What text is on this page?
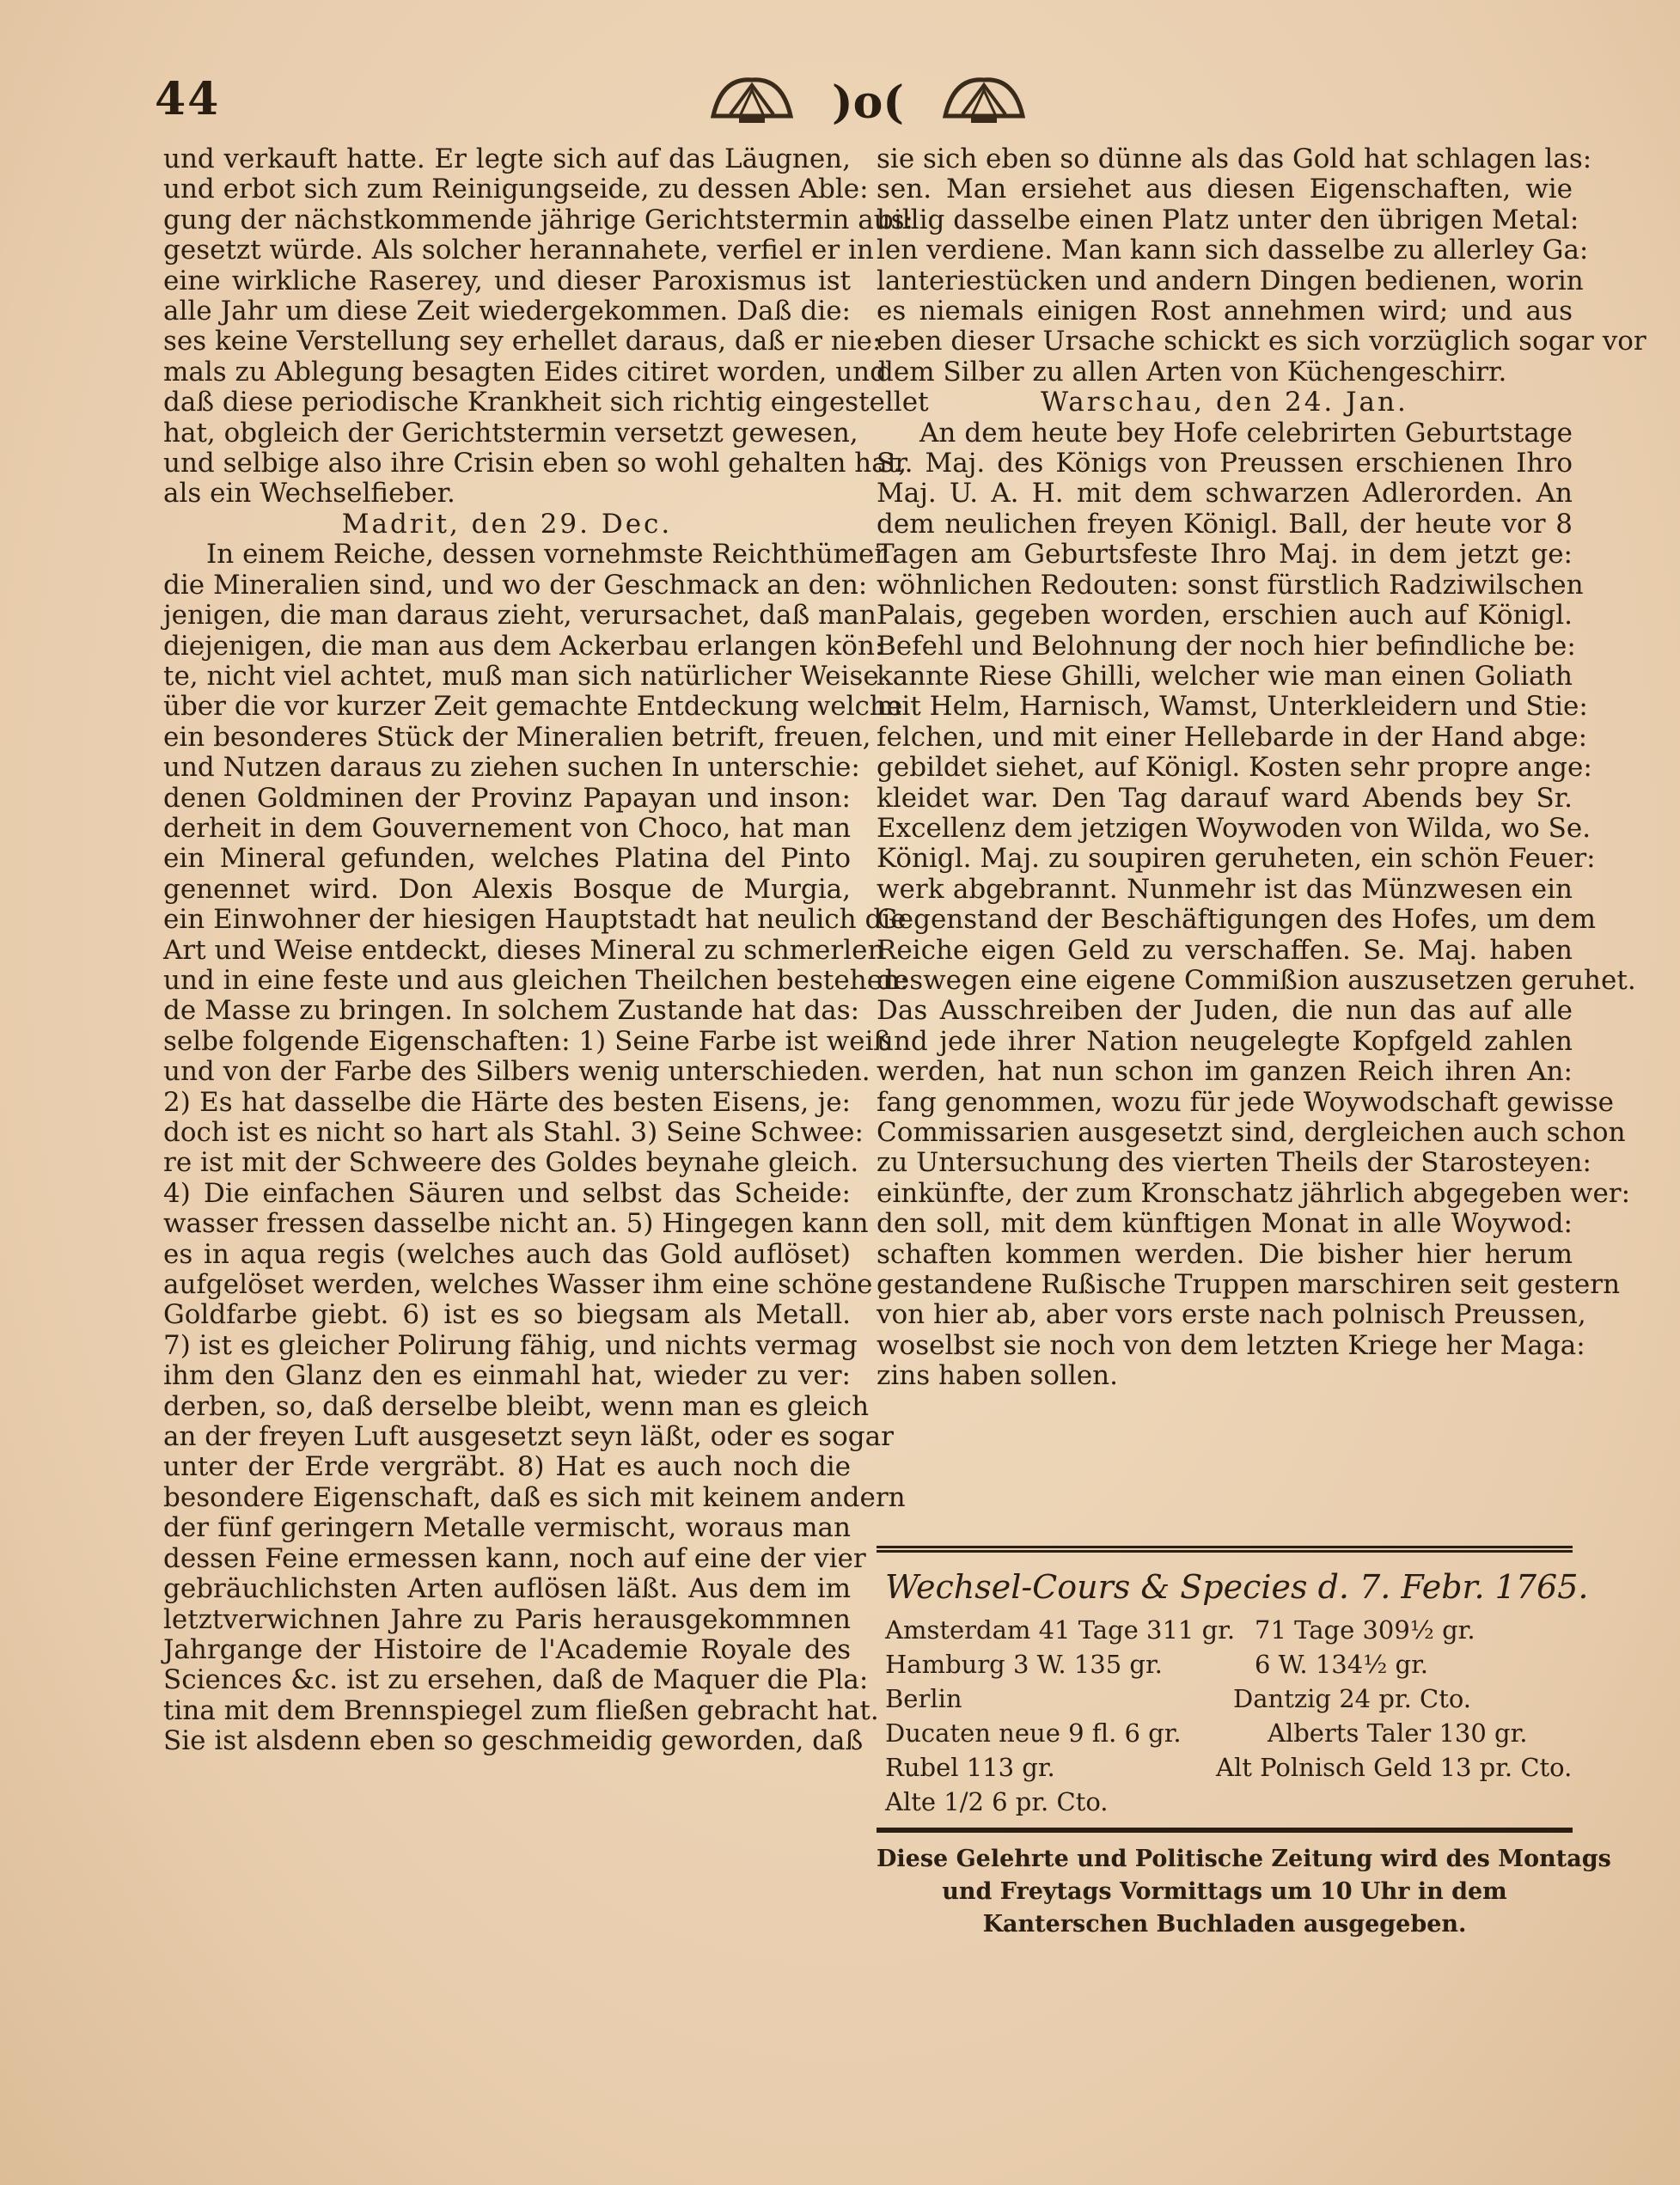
44	)o(
und verkauft hatte. Er legte sich auf das Läugnen,
und erbot sich zum Reinigungseide, zu dessen Able:
gung der nächstkommende jährige Gerichtstermin aus:
gesetzt würde. Als solcher herannahete, verfiel er in
eine wirkliche Raserey, und dieser Paroxismus ist
alle Jahr um diese Zeit wiedergekommen. Daß die:
ses keine Verstellung sey erhellet daraus, daß er nie:
mals zu Ablegung besagten Eides citiret worden, und
daß diese periodische Krankheit sich richtig eingestellet
hat, obgleich der Gerichtstermin versetzt gewesen,
und selbige also ihre Crisin eben so wohl gehalten hat,
als ein Wechselfieber.
Madrit, den 29. Dec.
In einem Reiche, dessen vornehmste Reichthümer
die Mineralien sind, und wo der Geschmack an den:
jenigen, die man daraus zieht, verursachet, daß man
diejenigen, die man aus dem Ackerbau erlangen kön:
te, nicht viel achtet, muß man sich natürlicher Weise
über die vor kurzer Zeit gemachte Entdeckung welche
ein besonderes Stück der Mineralien betrift, freuen,
und Nutzen daraus zu ziehen suchen In unterschie:
denen Goldminen der Provinz Papayan und inson:
derheit in dem Gouvernement von Choco, hat man
ein Mineral gefunden, welches Platina del Pinto
genennet wird. Don Alexis Bosque de Murgia,
ein Einwohner der hiesigen Hauptstadt hat neulich die
Art und Weise entdeckt, dieses Mineral zu schmerlen
und in eine feste und aus gleichen Theilchen bestehen:
de Masse zu bringen. In solchem Zustande hat das:
selbe folgende Eigenschaften: 1) Seine Farbe ist weiß
und von der Farbe des Silbers wenig unterschieden.
2) Es hat dasselbe die Härte des besten Eisens, je:
doch ist es nicht so hart als Stahl. 3) Seine Schwee:
re ist mit der Schweere des Goldes beynahe gleich.
4) Die einfachen Säuren und selbst das Scheide:
wasser fressen dasselbe nicht an. 5) Hingegen kann
es in aqua regis (welches auch das Gold auflöset)
aufgelöset werden, welches Wasser ihm eine schöne
Goldfarbe giebt. 6) ist es so biegsam als Metall.
7) ist es gleicher Polirung fähig, und nichts vermag
ihm den Glanz den es einmahl hat, wieder zu ver:
derben, so, daß derselbe bleibt, wenn man es gleich
an der freyen Luft ausgesetzt seyn läßt, oder es sogar
unter der Erde vergräbt. 8) Hat es auch noch die
besondere Eigenschaft, daß es sich mit keinem andern
der fünf geringern Metalle vermischt, woraus man
dessen Feine ermessen kann, noch auf eine der vier
gebräuchlichsten Arten auflösen läßt. Aus dem im
letztverwichnen Jahre zu Paris herausgekommnen
Jahrgange der Histoire de l'Academie Royale des
Sciences &c. ist zu ersehen, daß de Maquer die Pla:
tina mit dem Brennspiegel zum fließen gebracht hat.
Sie ist alsdenn eben so geschmeidig geworden, daß
sie sich eben so dünne als das Gold hat schlagen las:
sen. Man ersiehet aus diesen Eigenschaften, wie
billig dasselbe einen Platz unter den übrigen Metal:
len verdiene. Man kann sich dasselbe zu allerley Ga:
lanteriestücken und andern Dingen bedienen, worin
es niemals einigen Rost annehmen wird; und aus
eben dieser Ursache schickt es sich vorzüglich sogar vor
dem Silber zu allen Arten von Küchengeschirr.
Warschau, den 24. Jan.
An dem heute bey Hofe celebrirten Geburtstage
Sr. Maj. des Königs von Preussen erschienen Ihro
Maj. U. A. H. mit dem schwarzen Adlerorden. An
dem neulichen freyen Königl. Ball, der heute vor 8
Tagen am Geburtsfeste Ihro Maj. in dem jetzt ge:
wöhnlichen Redouten: sonst fürstlich Radziwilschen
Palais, gegeben worden, erschien auch auf Königl.
Befehl und Belohnung der noch hier befindliche be:
kannte Riese Ghilli, welcher wie man einen Goliath
mit Helm, Harnisch, Wamst, Unterkleidern und Stie:
felchen, und mit einer Hellebarde in der Hand abge:
gebildet siehet, auf Königl. Kosten sehr propre ange:
kleidet war. Den Tag darauf ward Abends bey Sr.
Excellenz dem jetzigen Woywoden von Wilda, wo Se.
Königl. Maj. zu soupiren geruheten, ein schön Feuer:
werk abgebrannt. Nunmehr ist das Münzwesen ein
Gegenstand der Beschäftigungen des Hofes, um dem
Reiche eigen Geld zu verschaffen. Se. Maj. haben
deswegen eine eigene Commißion auszusetzen geruhet.
Das Ausschreiben der Juden, die nun das auf alle
und jede ihrer Nation neugelegte Kopfgeld zahlen
werden, hat nun schon im ganzen Reich ihren An:
fang genommen, wozu für jede Woywodschaft gewisse
Commissarien ausgesetzt sind, dergleichen auch schon
zu Untersuchung des vierten Theils der Starosteyen:
einkünfte, der zum Kronschatz jährlich abgegeben wer:
den soll, mit dem künftigen Monat in alle Woywod:
schaften kommen werden. Die bisher hier herum
gestandene Rußische Truppen marschiren seit gestern
von hier ab, aber vors erste nach polnisch Preussen,
woselbst sie noch von dem letzten Kriege her Maga:
zins haben sollen.
Wechsel-Cours & Species d. 7. Febr. 1765.
Amsterdam 41 Tage 311 gr. 71 Tage 309½ gr.
Hamburg 3 W. 135 gr.	6 W. 134½ gr.
Berlin	Dantzig 24 pr. Cto.
Ducaten neue 9 fl. 6 gr.	Alberts Taler 130 gr.
Rubel 113 gr.	Alt Polnisch Geld 13 pr. Cto.
Alte 1/2 6 pr. Cto.
Diese Gelehrte und Politische Zeitung wird des Montags
und Freytags Vormittags um 10 Uhr in dem
Kanterschen Buchladen ausgegeben.
